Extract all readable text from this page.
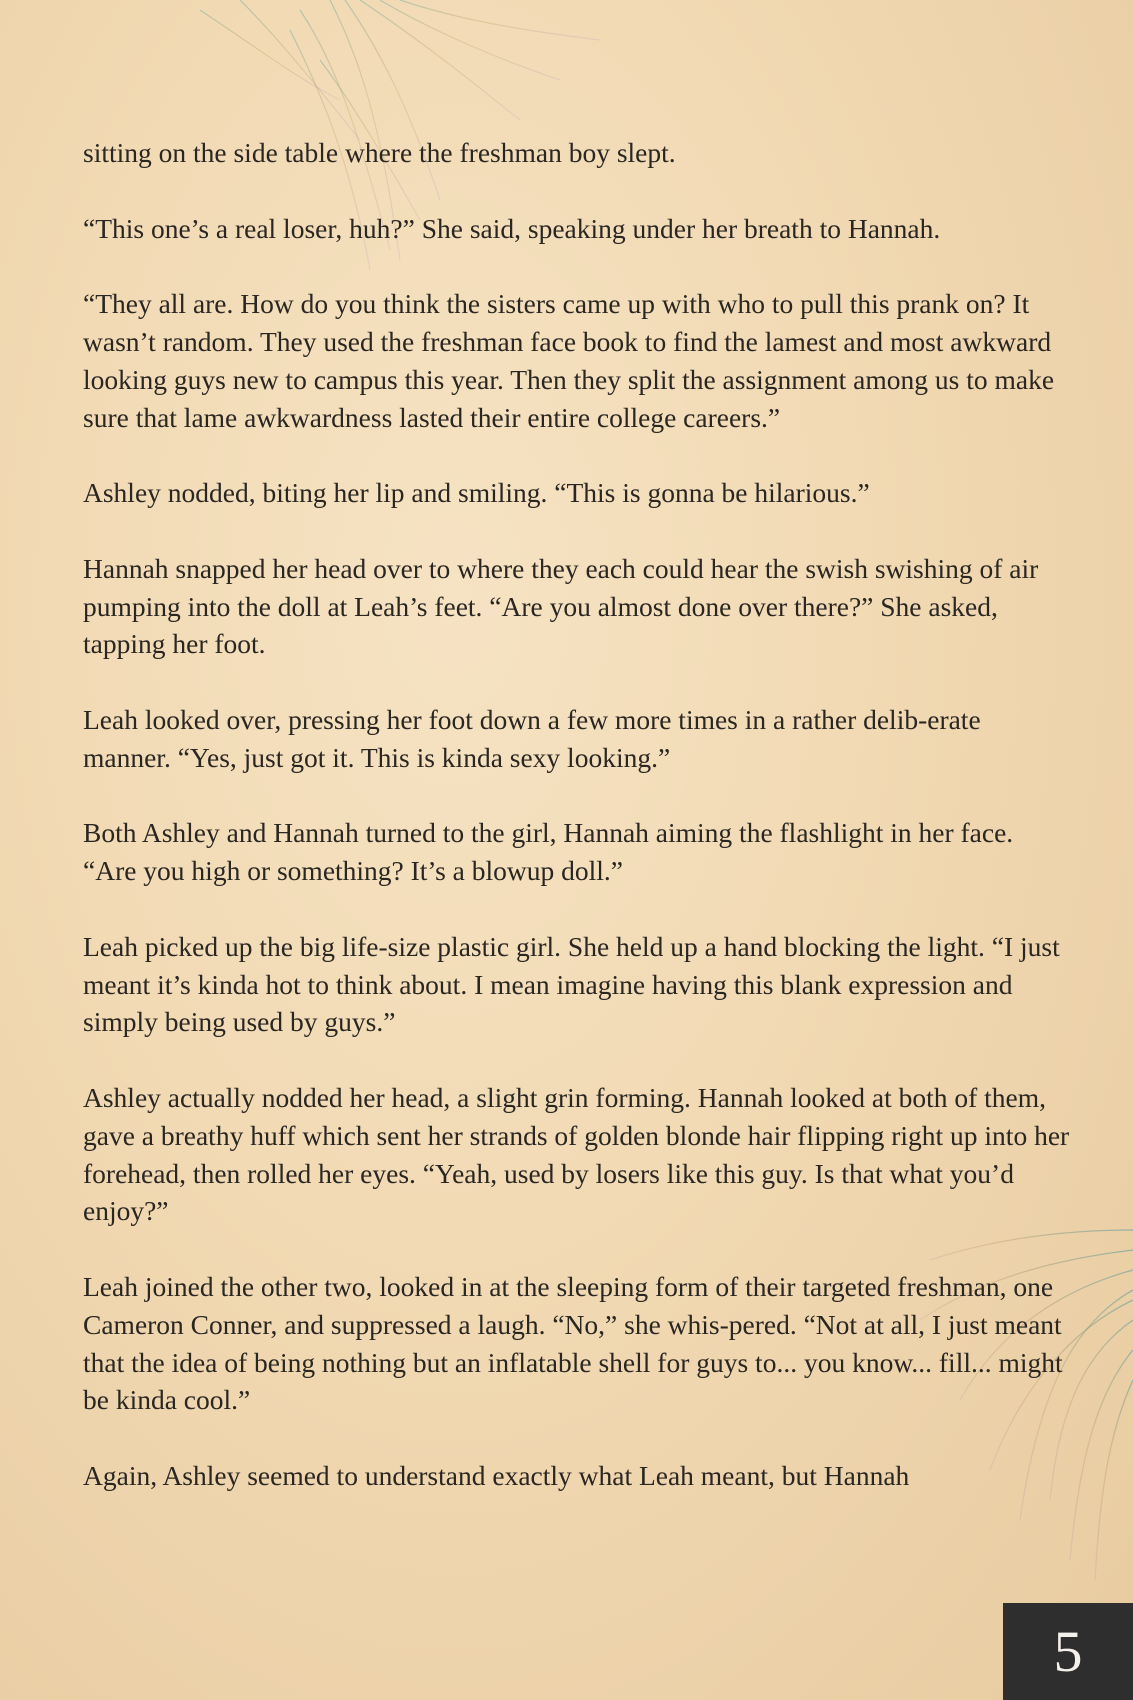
sitting on the side table where the freshman boy slept.

“This one’s a real loser, huh?” She said, speaking under her breath to Hannah.

“They all are. How do you think the sisters came up with who to pull this prank on? It wasn’t random. They used the freshman face book to find the lamest and most awkward looking guys new to campus this year. Then they split the assignment among us to make sure that lame awkwardness lasted their entire college careers.”

Ashley nodded, biting her lip and smiling. “This is gonna be hilarious.”

Hannah snapped her head over to where they each could hear the swish swishing of air pumping into the doll at Leah’s feet. “Are you almost done over there?” She asked, tapping her foot.

Leah looked over, pressing her foot down a few more times in a rather delib-erate manner. “Yes, just got it. This is kinda sexy looking.”

Both Ashley and Hannah turned to the girl, Hannah aiming the flashlight in her face. “Are you high or something? It’s a blowup doll.”

Leah picked up the big life-size plastic girl. She held up a hand blocking the light. “I just meant it’s kinda hot to think about. I mean imagine having this blank expression and simply being used by guys.”

Ashley actually nodded her head, a slight grin forming. Hannah looked at both of them, gave a breathy huff which sent her strands of golden blonde hair flipping right up into her forehead, then rolled her eyes. “Yeah, used by losers like this guy. Is that what you’d enjoy?”

Leah joined the other two, looked in at the sleeping form of their targeted freshman, one Cameron Conner, and suppressed a laugh. “No,” she whis-pered. “Not at all, I just meant that the idea of being nothing but an inflatable shell for guys to... you know... fill... might be kinda cool.”

Again, Ashley seemed to understand exactly what Leah meant, but Hannah

5
